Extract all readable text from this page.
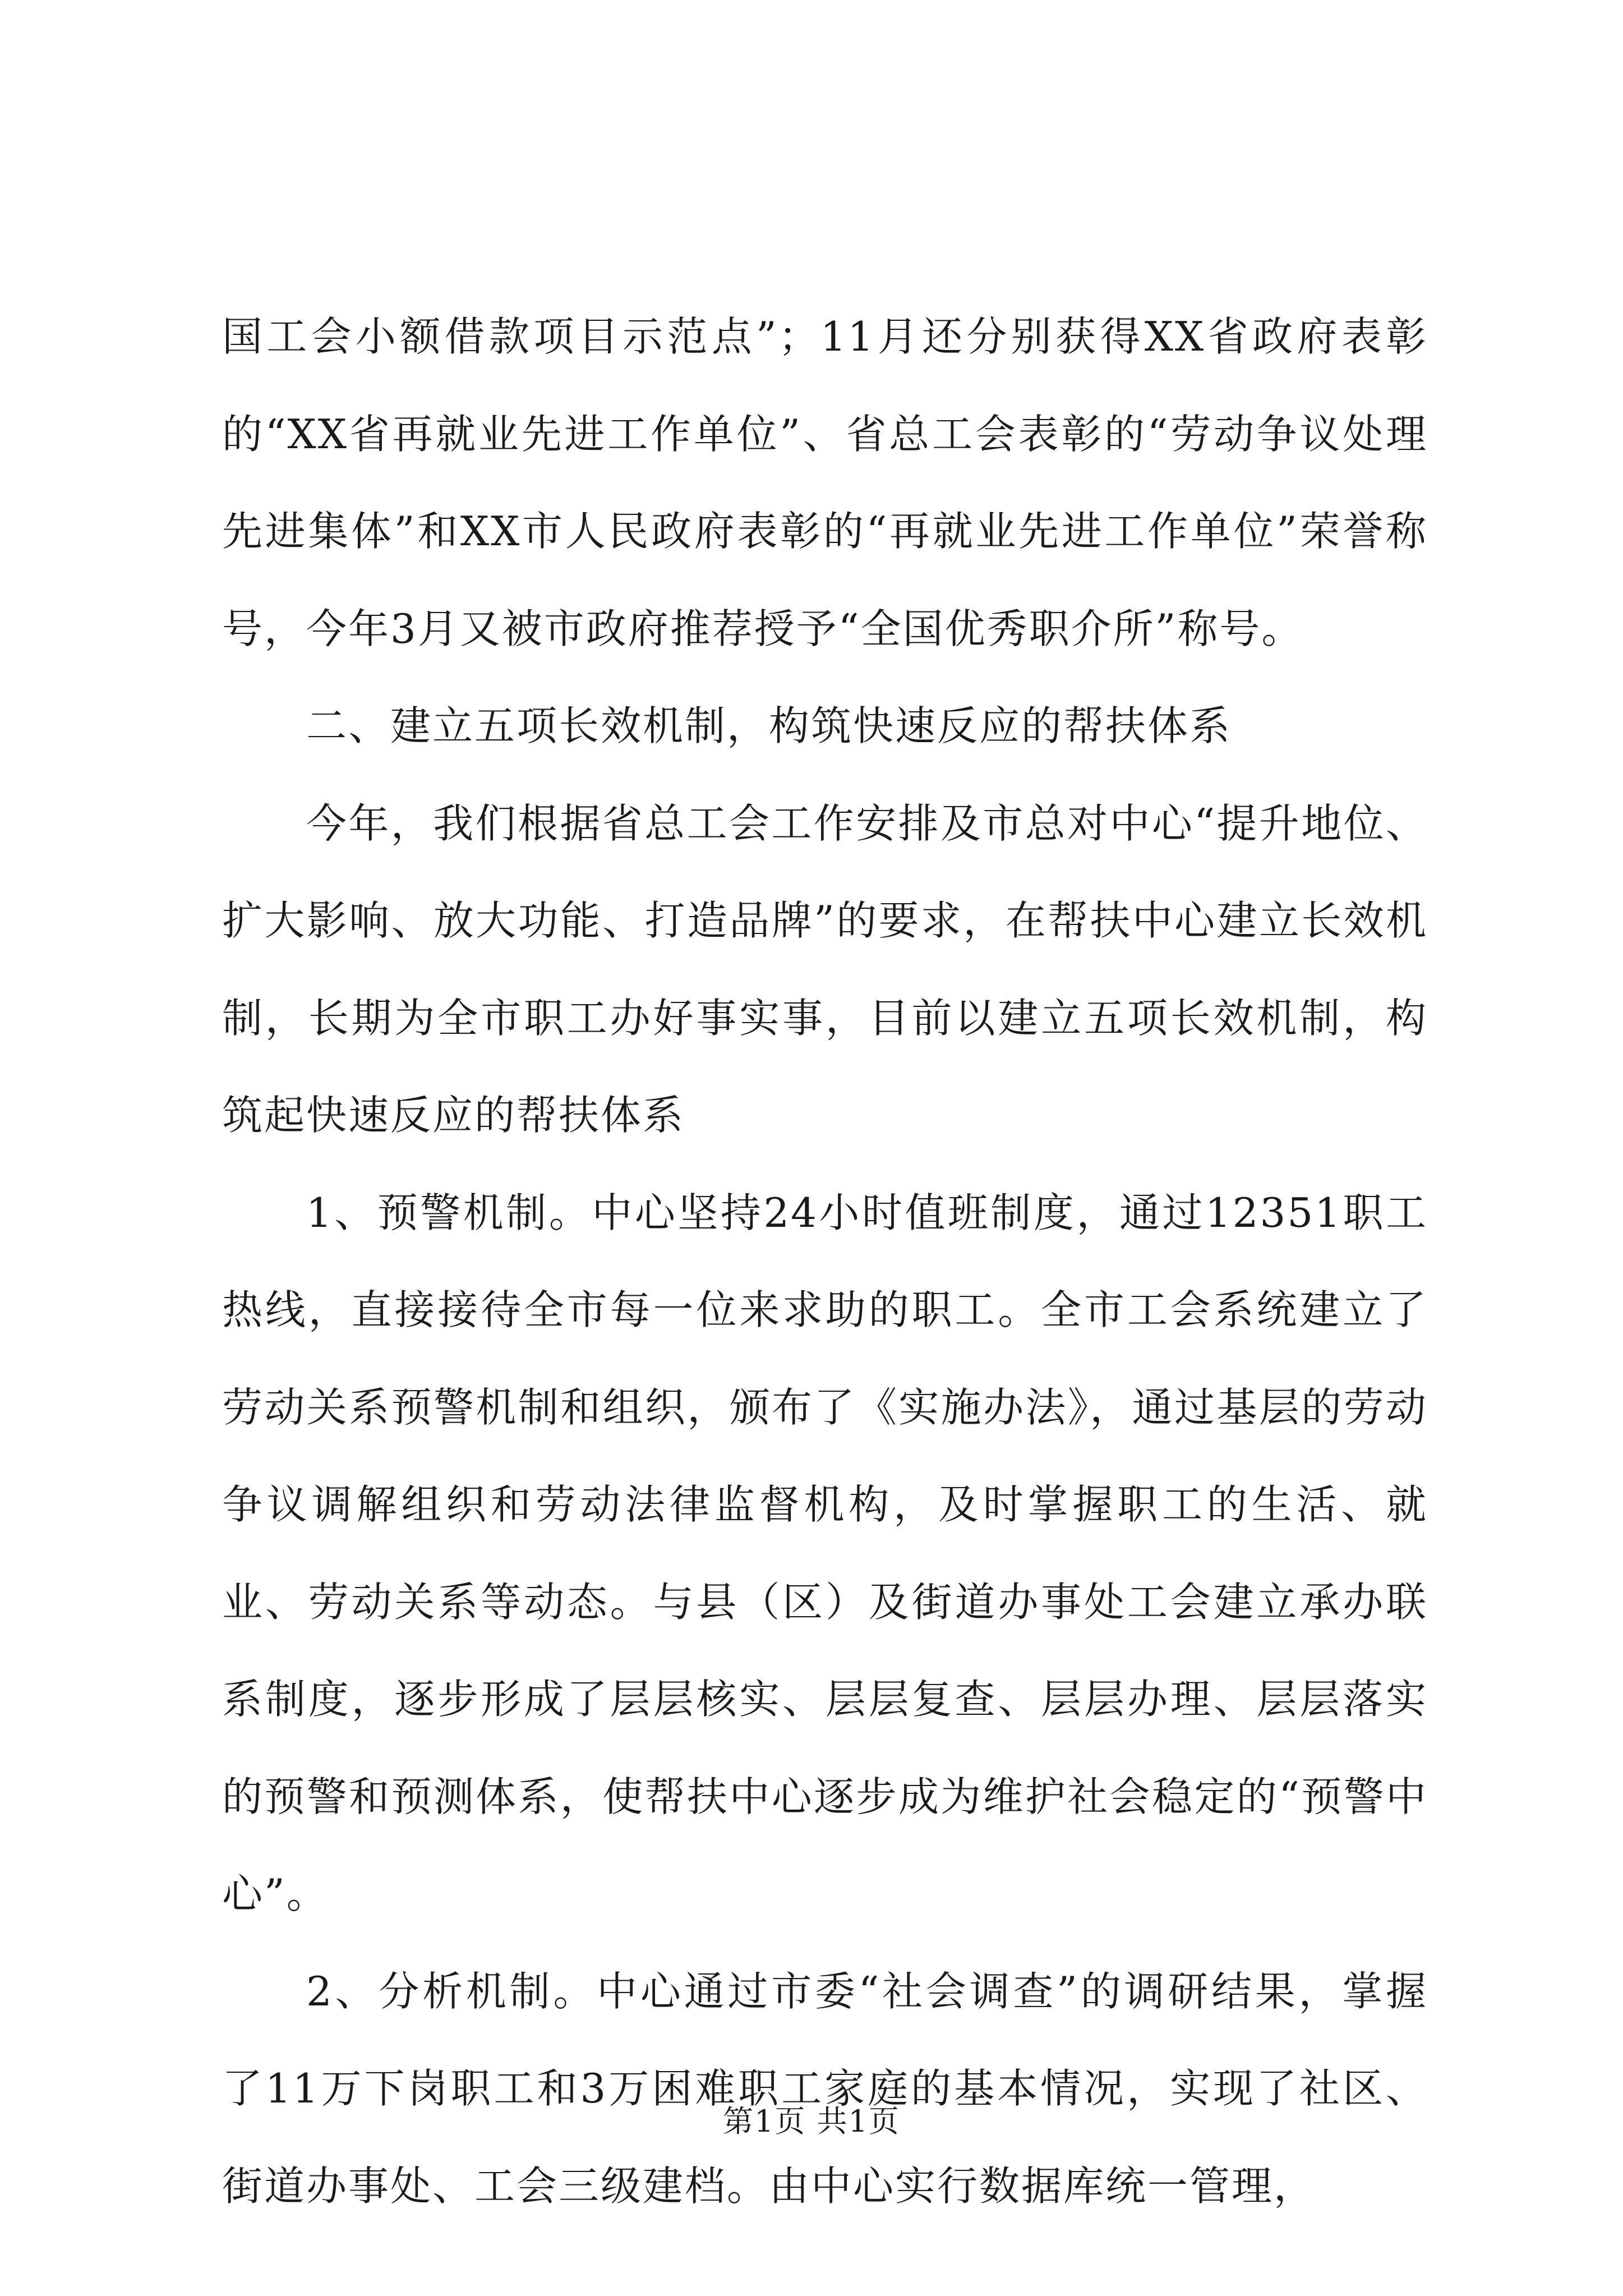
国工会小额借款项目示范点”；11月还分别获得XX省政府表彰的“XX省再就业先进工作单位”、省总工会表彰的“劳动争议处理先进集体”和XX市人民政府表彰的“再就业先进工作单位”荣誉称号，今年3月又被市政府推荐授予“全国优秀职介所”称号。

二、建立五项长效机制，构筑快速反应的帮扶体系

今年，我们根据省总工会工作安排及市总对中心“提升地位、扩大影响、放大功能、打造品牌”的要求，在帮扶中心建立长效机制，长期为全市职工办好事实事，目前以建立五项长效机制，构筑起快速反应的帮扶体系

1、预警机制。中心坚持24小时值班制度，通过12351职工热线，直接接待全市每一位来求助的职工。全市工会系统建立了劳动关系预警机制和组织，颁布了《实施办法》，通过基层的劳动争议调解组织和劳动法律监督机构，及时掌握职工的生活、就业、劳动关系等动态。与县（区）及街道办事处工会建立承办联系制度，逐步形成了层层核实、层层复查、层层办理、层层落实的预警和预测体系，使帮扶中心逐步成为维护社会稳定的“预警中心”。

2、分析机制。中心通过市委“社会调查”的调研结果，掌握了11万下岗职工和3万困难职工家庭的基本情况，实现了社区、街道办事处、工会三级建档。由中心实行数据库统一管理，

第1页 共1页
